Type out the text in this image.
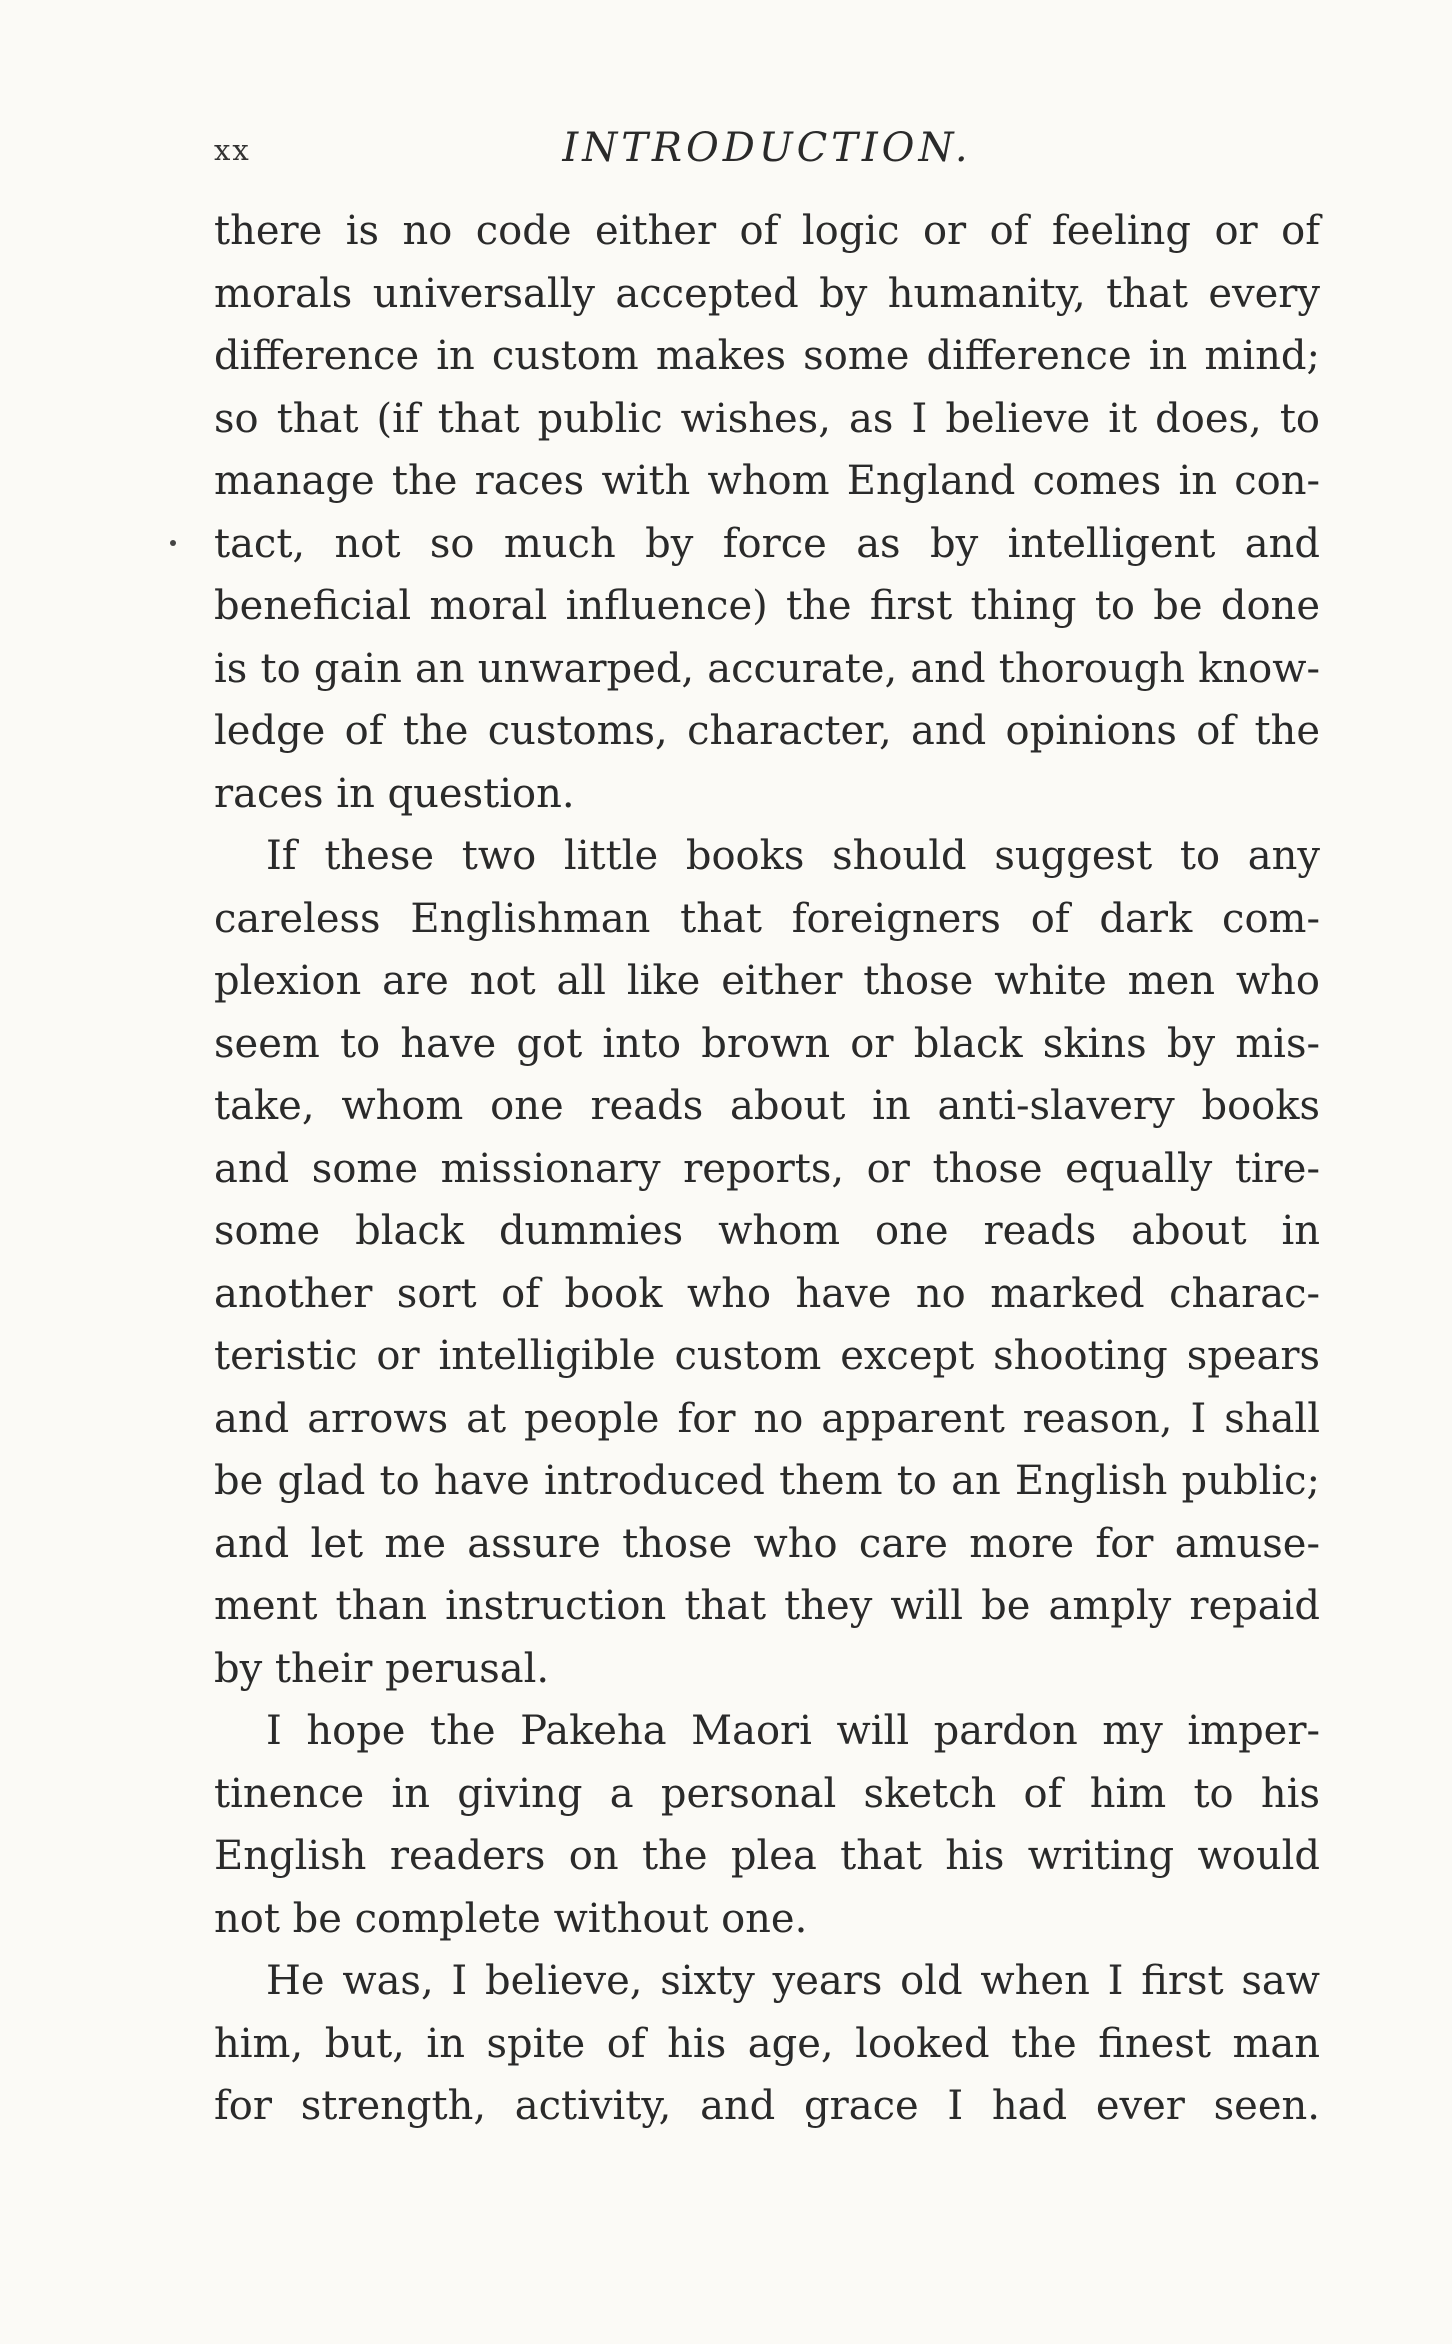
xx	INTRODUCTION.
there is no code either of logic or of feeling or of
morals universally accepted by humanity, that every
difference in custom makes some difference in mind;
so that (if that public wishes, as I believe it does, to
manage the races with whom England comes in con-
tact, not so much by force as by intelligent and
beneficial moral influence) the first thing to be done
is to gain an unwarped, accurate, and thorough know-
ledge of the customs, character, and opinions of the
races in question.
If these two little books should suggest to any
careless Englishman that foreigners of dark com-
plexion are not all like either those white men who
seem to have got into brown or black skins by mis-
take, whom one reads about in anti-slavery books
and some missionary reports, or those equally tire-
some black dummies whom one reads about in
another sort of book who have no marked charac-
teristic or intelligible custom except shooting spears
and arrows at people for no apparent reason, I shall
be glad to have introduced them to an English public;
and let me assure those who care more for amuse-
ment than instruction that they will be amply repaid
by their perusal.
I hope the Pakeha Maori will pardon my imper-
tinence in giving a personal sketch of him to his
English readers on the plea that his writing would
not be complete without one.
He was, I believe, sixty years old when I first saw
him, but, in spite of his age, looked the finest man
for strength, activity, and grace I had ever seen.
